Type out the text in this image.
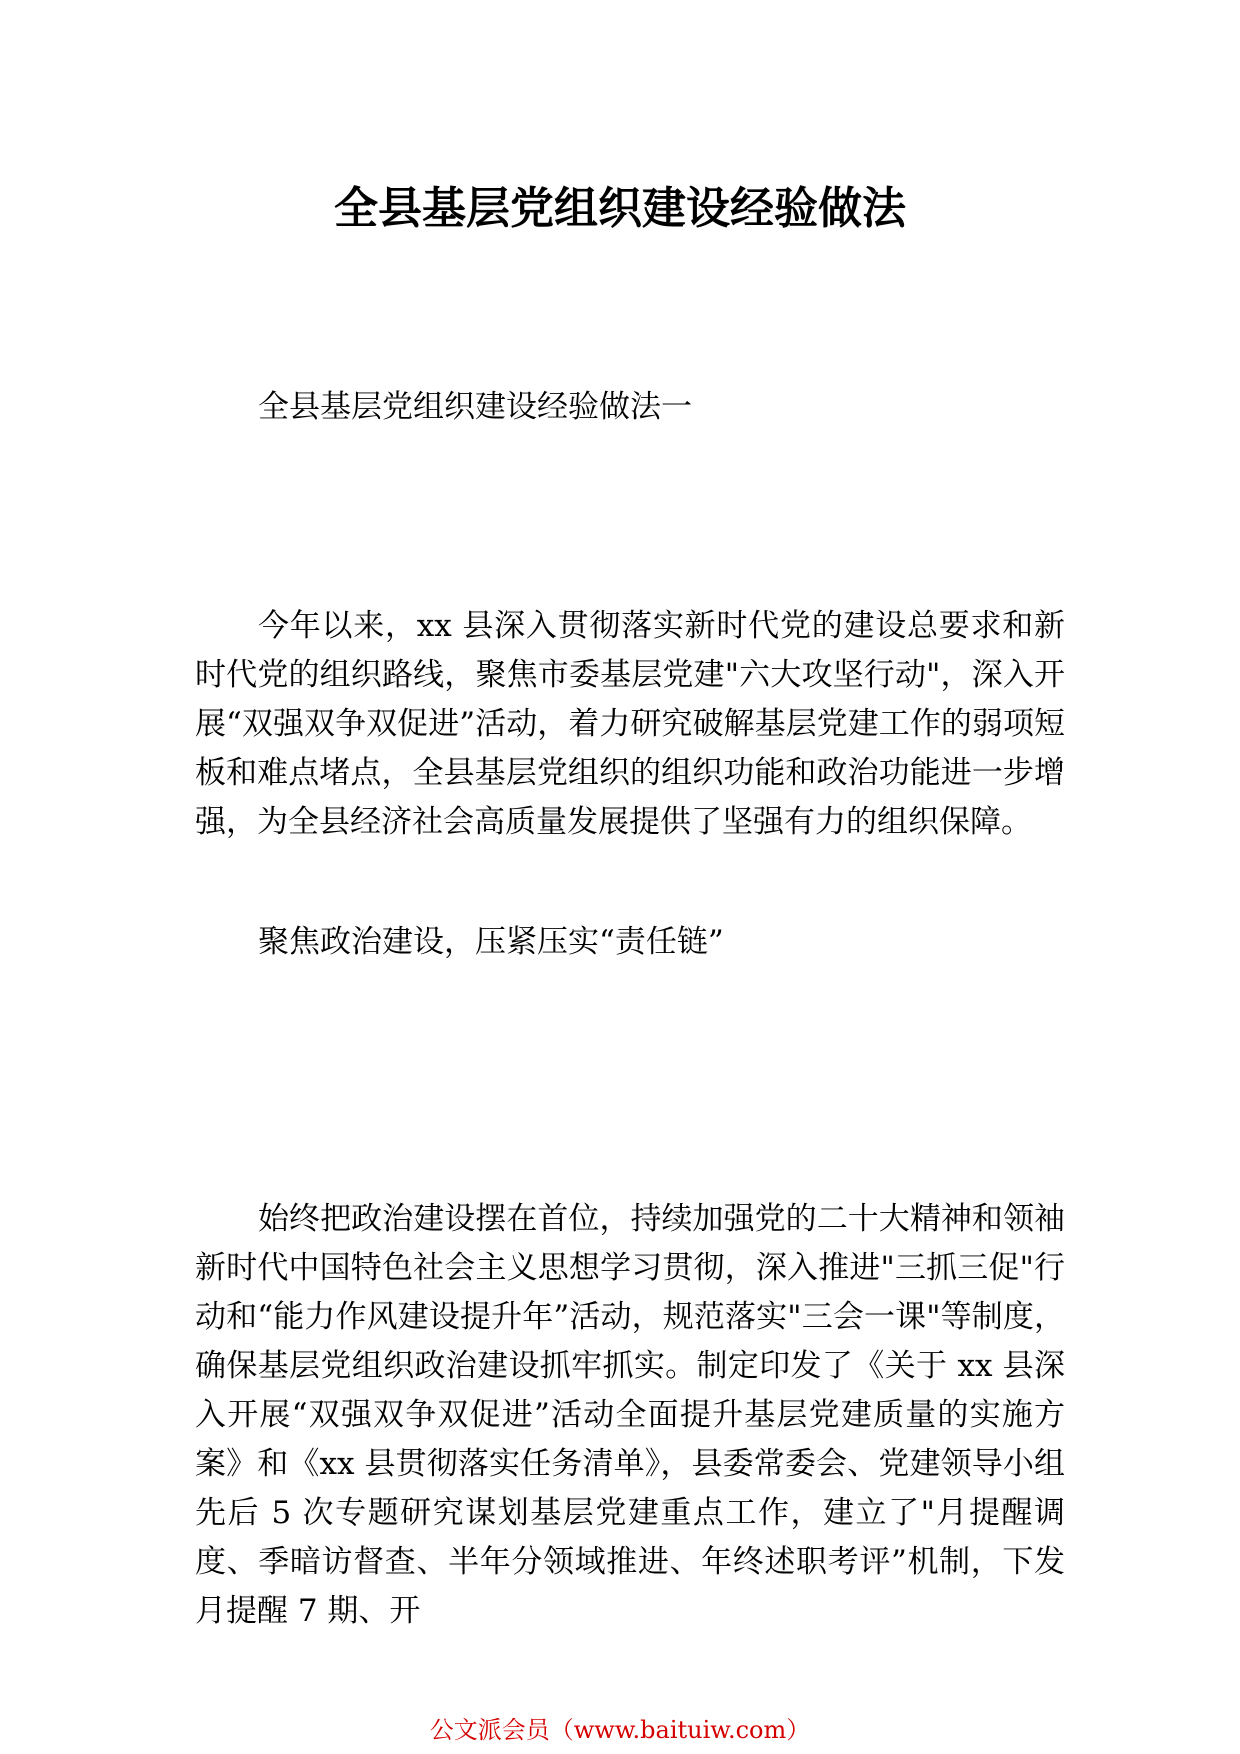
全县基层党组织建设经验做法

全县基层党组织建设经验做法一

今年以来，xx 县深入贯彻落实新时代党的建设总要求和新时代党的组织路线，聚焦市委基层党建"六大攻坚行动"，深入开展“双强双争双促进”活动，着力研究破解基层党建工作的弱项短板和难点堵点，全县基层党组织的组织功能和政治功能进一步增强，为全县经济社会高质量发展提供了坚强有力的组织保障。

聚焦政治建设，压紧压实“责任链”

始终把政治建设摆在首位，持续加强党的二十大精神和领袖新时代中国特色社会主义思想学习贯彻，深入推进"三抓三促"行动和“能力作风建设提升年”活动，规范落实"三会一课"等制度，确保基层党组织政治建设抓牢抓实。制定印发了《关于 xx 县深入开展“双强双争双促进”活动全面提升基层党建质量的实施方案》和《xx 县贯彻落实任务清单》，县委常委会、党建领导小组先后 5 次专题研究谋划基层党建重点工作，建立了"月提醒调度、季暗访督查、半年分领域推进、年终述职考评”机制，下发月提醒 7 期、开

公文派会员（www.baituiw.com）
